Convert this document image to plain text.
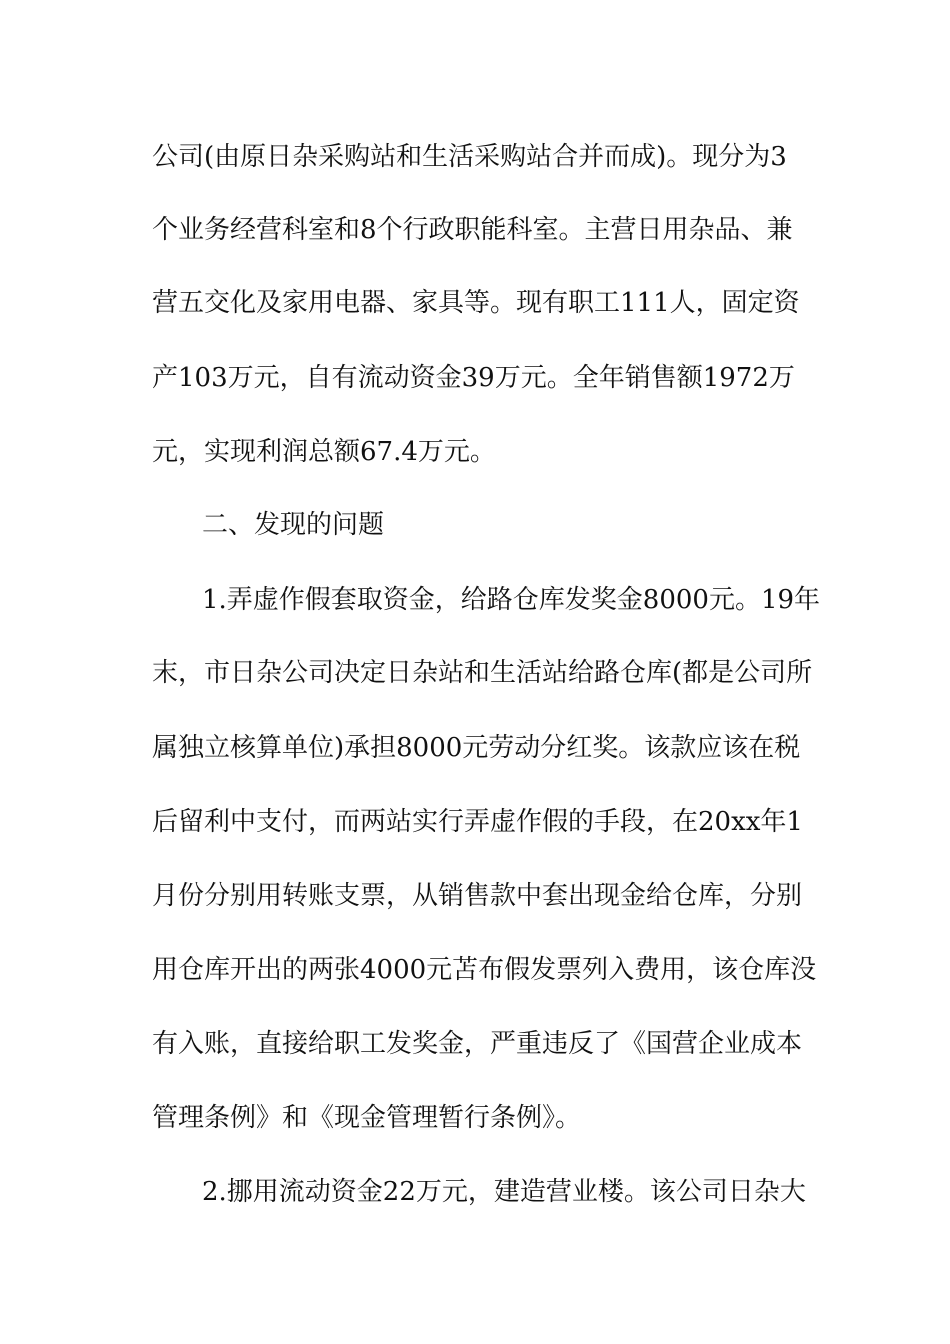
公司(由原日杂采购站和生活采购站合并而成)。现分为3
个业务经营科室和8个行政职能科室。主营日用杂品、兼
营五交化及家用电器、家具等。现有职工111人，固定资
产103万元，自有流动资金39万元。全年销售额1972万
元，实现利润总额67.4万元。
二、发现的问题
1.弄虚作假套取资金，给路仓库发奖金8000元。19年
末，市日杂公司决定日杂站和生活站给路仓库(都是公司所
属独立核算单位)承担8000元劳动分红奖。该款应该在税
后留利中支付，而两站实行弄虚作假的手段，在20xx年1
月份分别用转账支票，从销售款中套出现金给仓库，分别
用仓库开出的两张4000元苫布假发票列入费用，该仓库没
有入账，直接给职工发奖金，严重违反了《国营企业成本
管理条例》和《现金管理暂行条例》。
2.挪用流动资金22万元，建造营业楼。该公司日杂大
